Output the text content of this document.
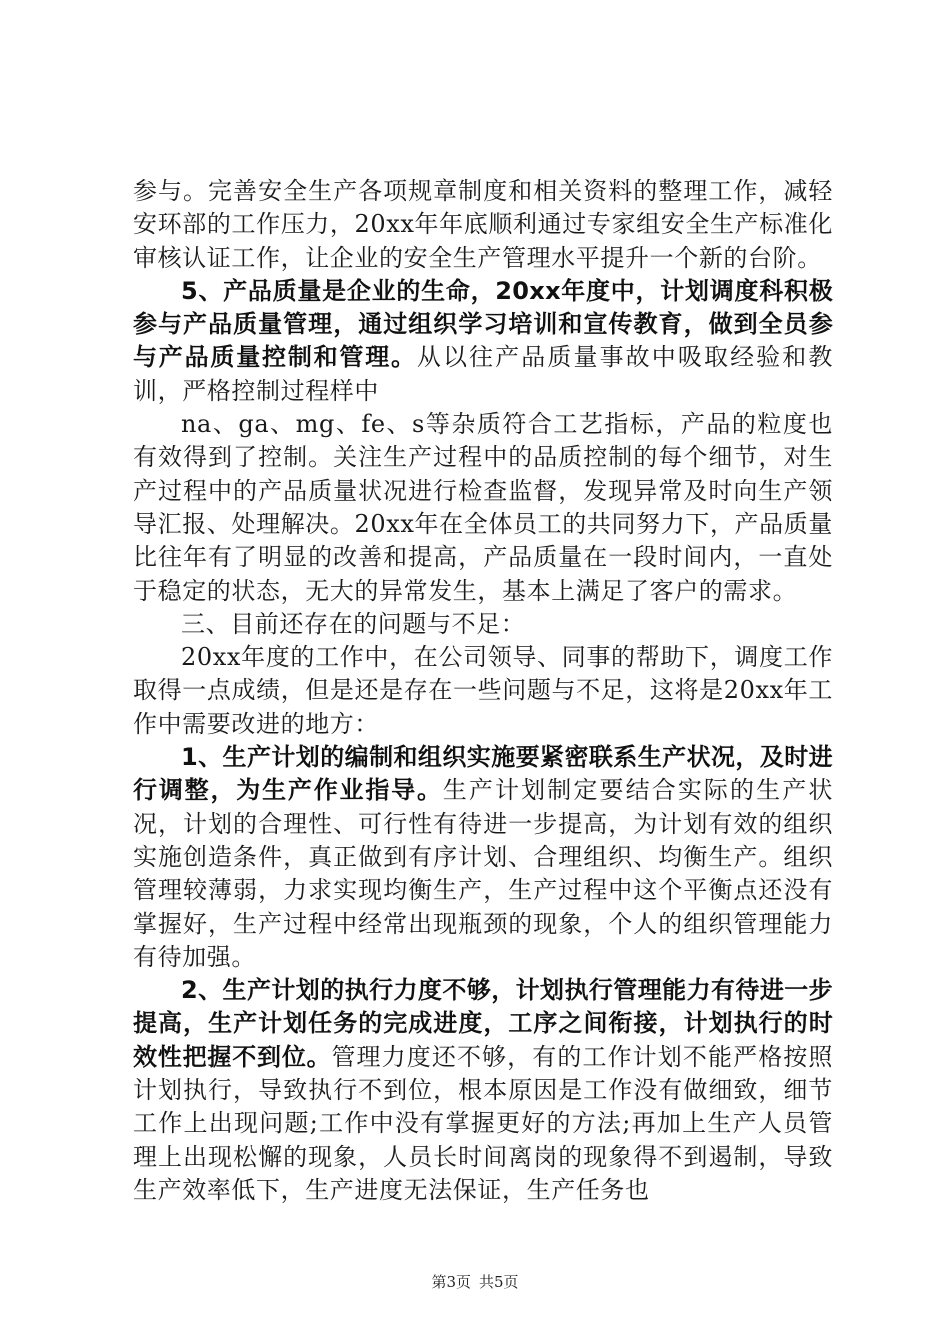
参与。完善安全生产各项规章制度和相关资料的整理工作，减轻安环部的工作压力，20xx年年底顺利通过专家组安全生产标准化审核认证工作，让企业的安全生产管理水平提升一个新的台阶。

5、产品质量是企业的生命，20xx年度中，计划调度科积极参与产品质量管理，通过组织学习培训和宣传教育，做到全员参与产品质量控制和管理。从以往产品质量事故中吸取经验和教训，严格控制过程样中

na、ga、mg、fe、s等杂质符合工艺指标，产品的粒度也有效得到了控制。关注生产过程中的品质控制的每个细节，对生产过程中的产品质量状况进行检查监督，发现异常及时向生产领导汇报、处理解决。20xx年在全体员工的共同努力下，产品质量比往年有了明显的改善和提高，产品质量在一段时间内，一直处于稳定的状态，无大的异常发生，基本上满足了客户的需求。

三、目前还存在的问题与不足：

20xx年度的工作中，在公司领导、同事的帮助下，调度工作取得一点成绩，但是还是存在一些问题与不足，这将是20xx年工作中需要改进的地方：

1、生产计划的编制和组织实施要紧密联系生产状况，及时进行调整，为生产作业指导。生产计划制定要结合实际的生产状况，计划的合理性、可行性有待进一步提高，为计划有效的组织实施创造条件，真正做到有序计划、合理组织、均衡生产。组织管理较薄弱，力求实现均衡生产，生产过程中这个平衡点还没有掌握好，生产过程中经常出现瓶颈的现象，个人的组织管理能力有待加强。

2、生产计划的执行力度不够，计划执行管理能力有待进一步提高，生产计划任务的完成进度，工序之间衔接，计划执行的时效性把握不到位。管理力度还不够，有的工作计划不能严格按照计划执行，导致执行不到位，根本原因是工作没有做细致，细节工作上出现问题;工作中没有掌握更好的方法;再加上生产人员管理上出现松懈的现象，人员长时间离岗的现象得不到遏制，导致生产效率低下，生产进度无法保证，生产任务也

第3页 共5页
